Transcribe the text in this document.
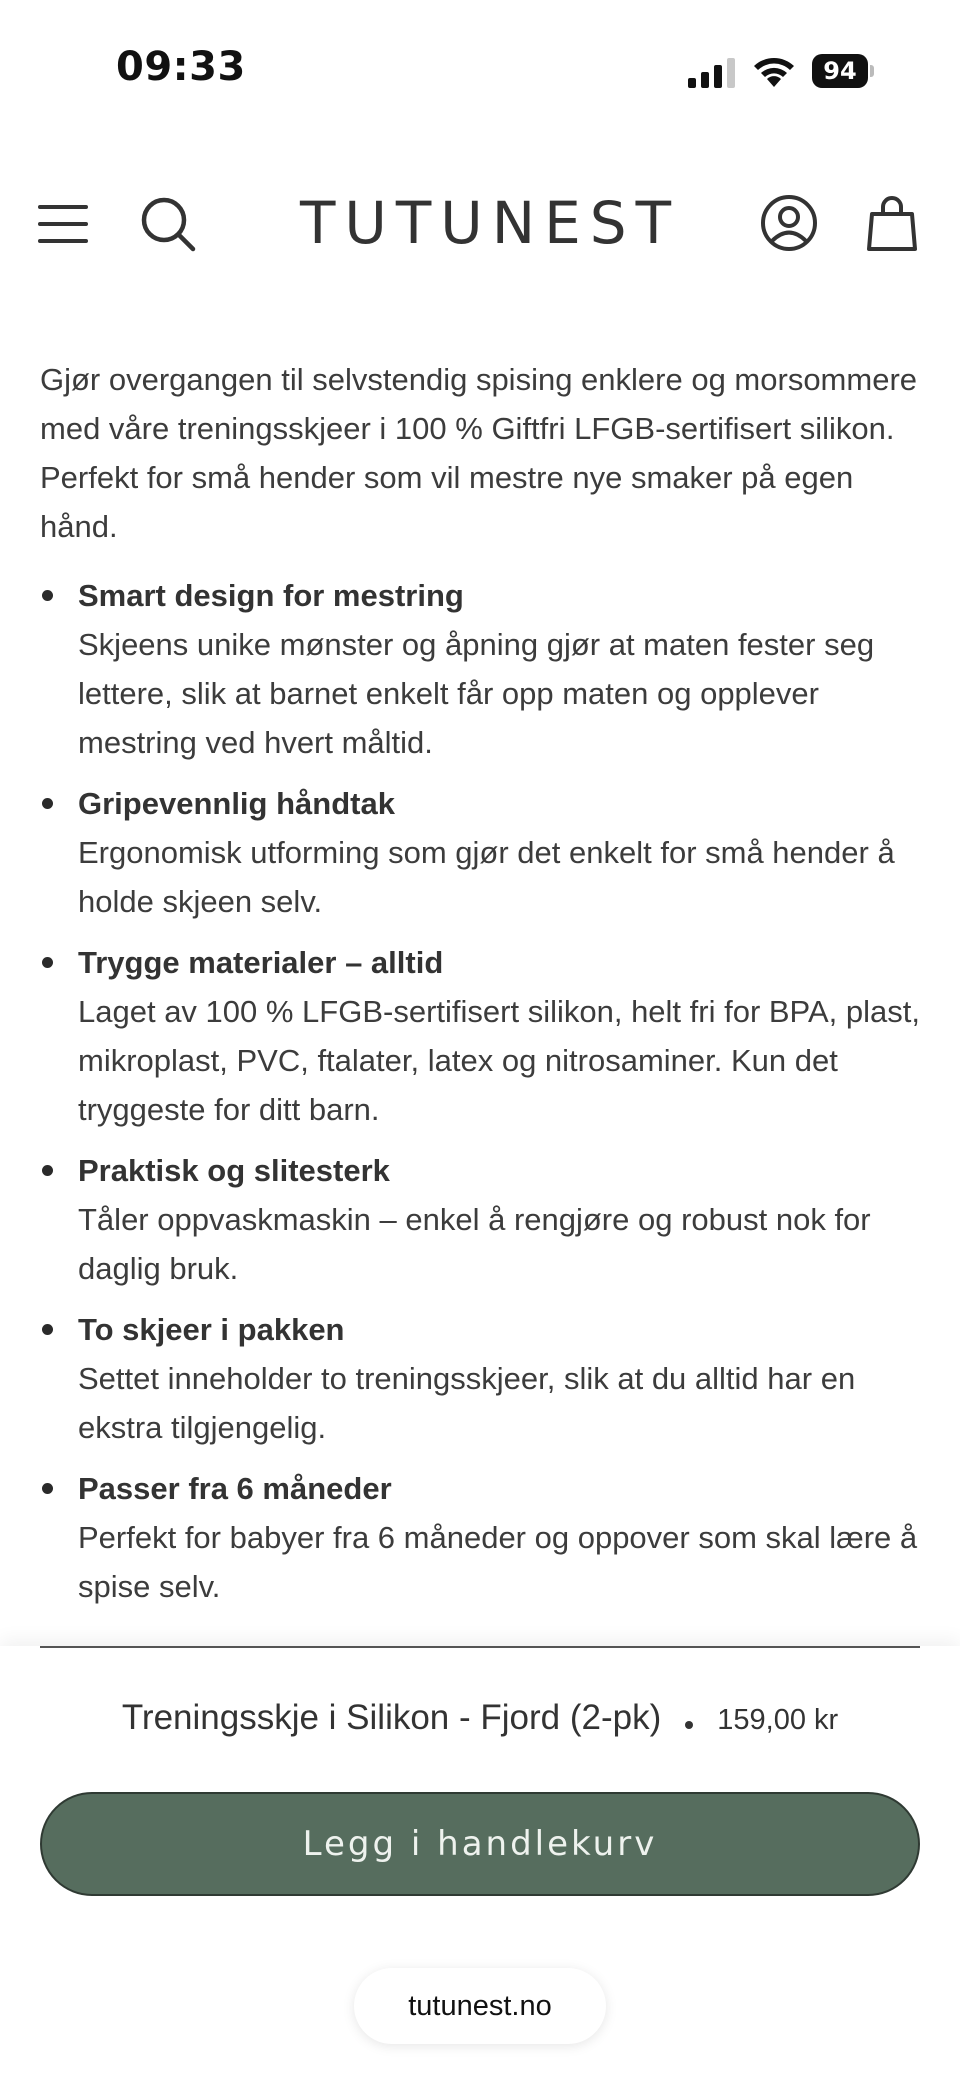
09:33	94
TUTUNEST

Gjør overgangen til selvstendig spising enklere og morsommere med våre treningsskjeer i 100 % Giftfri LFGB-sertifisert silikon. Perfekt for små hender som vil mestre nye smaker på egen hånd.

Smart design for mestring
Skjeens unike mønster og åpning gjør at maten fester seg lettere, slik at barnet enkelt får opp maten og opplever mestring ved hvert måltid.
Gripevennlig håndtak
Ergonomisk utforming som gjør det enkelt for små hender å holde skjeen selv.
Trygge materialer – alltid
Laget av 100 % LFGB-sertifisert silikon, helt fri for BPA, plast, mikroplast, PVC, ftalater, latex og nitrosaminer. Kun det tryggeste for ditt barn.
Praktisk og slitesterk
Tåler oppvaskmaskin – enkel å rengjøre og robust nok for daglig bruk.
To skjeer i pakken
Settet inneholder to treningsskjeer, slik at du alltid har en ekstra tilgjengelig.
Passer fra 6 måneder
Perfekt for babyer fra 6 måneder og oppover som skal lære å spise selv.
Treningsskje i Silikon - Fjord (2-pk) 159,00 kr
Legg i handlekurv
tutunest.no
